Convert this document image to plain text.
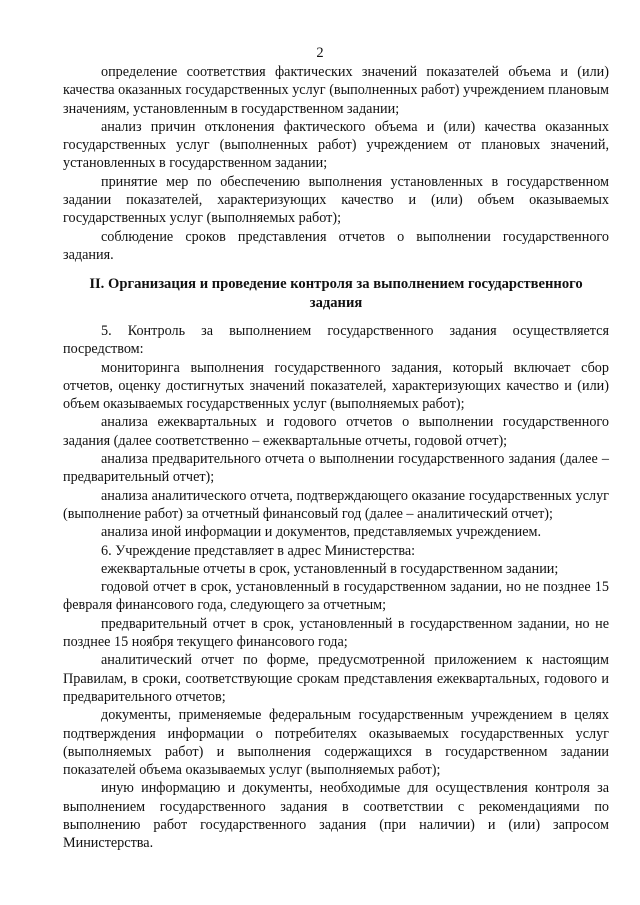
2

определение соответствия фактических значений показателей объема и (или) качества оказанных государственных услуг (выполненных работ) учреждением плановым значениям, установленным в государственном задании;

анализ причин отклонения фактического объема и (или) качества оказанных государственных услуг (выполненных работ) учреждением от плановых значений, установленных в государственном задании;

принятие мер по обеспечению выполнения установленных в государственном задании показателей, характеризующих качество и (или) объем оказываемых государственных услуг (выполняемых работ);

соблюдение сроков представления отчетов о выполнении государственного задания.

II. Организация и проведение контроля за выполнением государственного задания

5. Контроль за выполнением государственного задания осуществляется посредством:

мониторинга выполнения государственного задания, который включает сбор отчетов, оценку достигнутых значений показателей, характеризующих качество и (или) объем оказываемых государственных услуг (выполняемых работ);

анализа ежеквартальных и годового отчетов о выполнении государственного задания (далее соответственно – ежеквартальные отчеты, годовой отчет);

анализа предварительного отчета о выполнении государственного задания (далее – предварительный отчет);

анализа аналитического отчета, подтверждающего оказание государственных услуг (выполнение работ) за отчетный финансовый год (далее – аналитический отчет);

анализа иной информации и документов, представляемых учреждением.

6. Учреждение представляет в адрес Министерства:

ежеквартальные отчеты в срок, установленный в государственном задании;

годовой отчет в срок, установленный в государственном задании, но не позднее 15 февраля финансового года, следующего за отчетным;

предварительный отчет в срок, установленный в государственном задании, но не позднее 15 ноября текущего финансового года;

аналитический отчет по форме, предусмотренной приложением к настоящим Правилам, в сроки, соответствующие срокам представления ежеквартальных, годового и предварительного отчетов;

документы, применяемые федеральным государственным учреждением в целях подтверждения информации о потребителях оказываемых государственных услуг (выполняемых работ) и выполнения содержащихся в государственном задании показателей объема оказываемых услуг (выполняемых работ);

иную информацию и документы, необходимые для осуществления контроля за выполнением государственного задания в соответствии с рекомендациями по выполнению работ государственного задания (при наличии) и (или) запросом Министерства.
